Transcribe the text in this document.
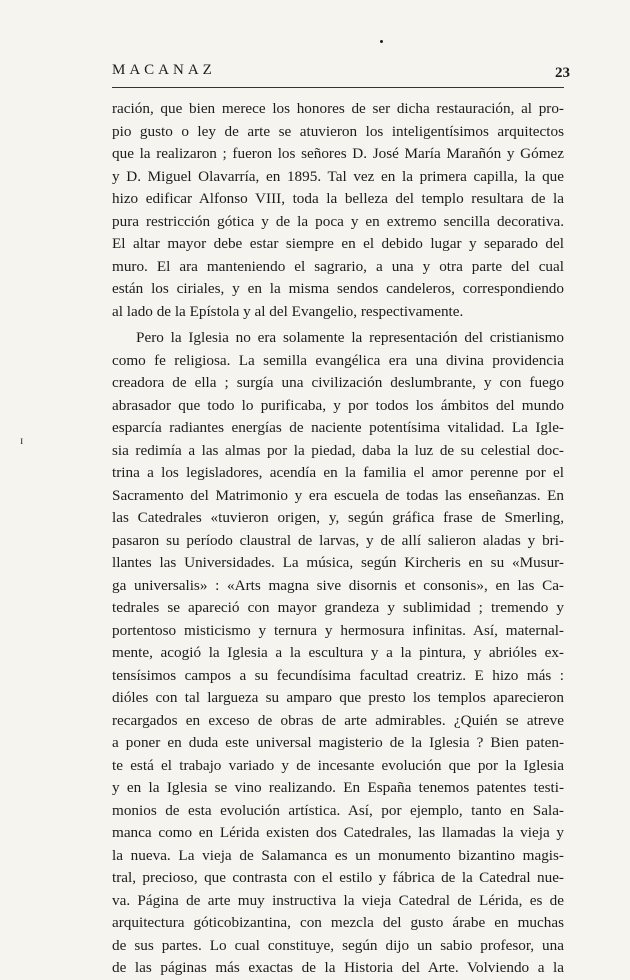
MACANAZ	23
ɪ
ración, que bien merece los honores de ser dicha restauración, al pro-
pio gusto o ley de arte se atuvieron los inteligentísimos arquitectos
que la realizaron ; fueron los señores D. José María Marañón y Gómez
y D. Miguel Olavarría, en 1895. Tal vez en la primera capilla, la que
hizo edificar Alfonso VIII, toda la belleza del templo resultara de la
pura restricción gótica y de la poca y en extremo sencilla decorativa.
El altar mayor debe estar siempre en el debido lugar y separado del
muro. El ara manteniendo el sagrario, a una y otra parte del cual
están los ciriales, y en la misma sendos candeleros, correspondiendo
al lado de la Epístola y al del Evangelio, respectivamente.
Pero la Iglesia no era solamente la representación del cristianismo
como fe religiosa. La semilla evangélica era una divina providencia
creadora de ella ; surgía una civilización deslumbrante, y con fuego
abrasador que todo lo purificaba, y por todos los ámbitos del mundo
esparcía radiantes energías de naciente potentísima vitalidad. La Igle-
sia redimía a las almas por la piedad, daba la luz de su celestial doc-
trina a los legisladores, acendía en la familia el amor perenne por el
Sacramento del Matrimonio y era escuela de todas las enseñanzas. En
las Catedrales «tuvieron origen, y, según gráfica frase de Smerling,
pasaron su período claustral de larvas, y de allí salieron aladas y bri-
llantes las Universidades. La música, según Kircheris en su «Musur-
ga universalis» : «Arts magna sive disornis et consonis», en las Ca-
tedrales se apareció con mayor grandeza y sublimidad ; tremendo y
portentoso misticismo y ternura y hermosura infinitas. Así, maternal-
mente, acogió la Iglesia a la escultura y a la pintura, y abrióles ex-
tensísimos campos a su fecundísima facultad creatriz. E hizo más :
dióles con tal largueza su amparo que presto los templos aparecieron
recargados en exceso de obras de arte admirables. ¿Quién se atreve
a poner en duda este universal magisterio de la Iglesia ? Bien paten-
te está el trabajo variado y de incesante evolución que por la Iglesia
y en la Iglesia se vino realizando. En España tenemos patentes testi-
monios de esta evolución artística. Así, por ejemplo, tanto en Sala-
manca como en Lérida existen dos Catedrales, las llamadas la vieja y
la nueva. La vieja de Salamanca es un monumento bizantino magis-
tral, precioso, que contrasta con el estilo y fábrica de la Catedral nue-
va. Página de arte muy instructiva la vieja Catedral de Lérida, es de
arquitectura góticobizantina, con mezcla del gusto árabe en muchas
de sus partes. Lo cual constituye, según dijo un sabio profesor, una
de las páginas más exactas de la Historia del Arte. Volviendo a la
